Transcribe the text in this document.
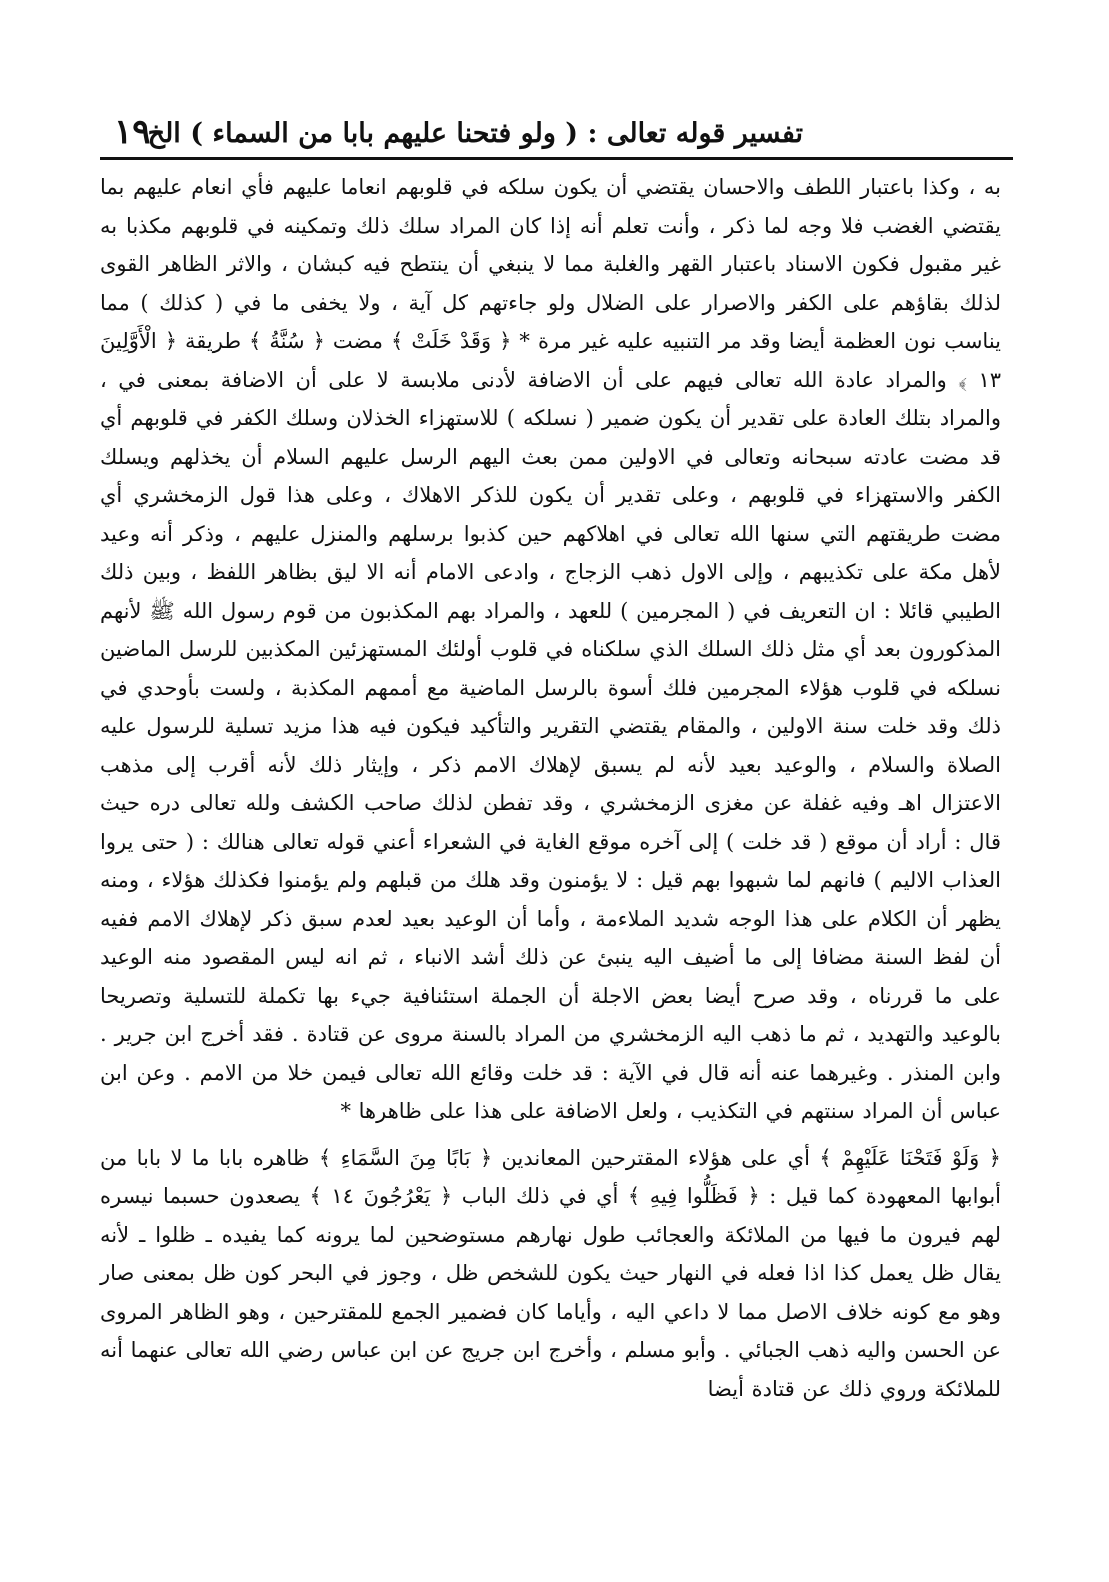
تفسير قوله تعالى : ( ولو فتحنا عليهم بابا من السماء ) الخ
١٩

به ، وكذا باعتبار اللطف والاحسان يقتضي أن يكون سلكه في قلوبهم انعاما عليهم فأي انعام عليهم بما يقتضي الغضب فلا وجه لما ذكر ، وأنت تعلم أنه إذا كان المراد سلك ذلك وتمكينه في قلوبهم مكذبا به غير مقبول فكون الاسناد باعتبار القهر والغلبة مما لا ينبغي أن ينتطح فيه كبشان ، والاثر الظاهر القوى لذلك بقاؤهم على الكفر والاصرار على الضلال ولو جاءتهم كل آية ، ولا يخفى ما في ( كذلك ) مما يناسب نون العظمة أيضا وقد مر التنبيه عليه غير مرة * ﴿ وَقَدْ خَلَتْ ﴾ مضت ﴿ سُنَّةُ ﴾ طريقة ﴿ الْأَوَّلِينَ ١٣ ﴾ والمراد عادة الله تعالى فيهم على أن الاضافة لأدنى ملابسة لا على أن الاضافة بمعنى في ، والمراد بتلك العادة على تقدير أن يكون ضمير ( نسلكه ) للاستهزاء الخذلان وسلك الكفر في قلوبهم أي قد مضت عادته سبحانه وتعالى في الاولين ممن بعث اليهم الرسل عليهم السلام أن يخذلهم ويسلك الكفر والاستهزاء في قلوبهم ، وعلى تقدير أن يكون للذكر الاهلاك ، وعلى هذا قول الزمخشري أي مضت طريقتهم التي سنها الله تعالى في اهلاكهم حين كذبوا برسلهم والمنزل عليهم ، وذكر أنه وعيد لأهل مكة على تكذيبهم ، وإلى الاول ذهب الزجاج ، وادعى الامام أنه الا ليق بظاهر اللفظ ، وبين ذلك الطيبي قائلا : ان التعريف في ( المجرمين ) للعهد ، والمراد بهم المكذبون من قوم رسول الله ﷺ لأنهم المذكورون بعد أي مثل ذلك السلك الذي سلكناه في قلوب أولئك المستهزئين المكذبين للرسل الماضين نسلكه في قلوب هؤلاء المجرمين فلك أسوة بالرسل الماضية مع أممهم المكذبة ، ولست بأوحدي في ذلك وقد خلت سنة الاولين ، والمقام يقتضي التقرير والتأكيد فيكون فيه هذا مزيد تسلية للرسول عليه الصلاة والسلام ، والوعيد بعيد لأنه لم يسبق لإهلاك الامم ذكر ، وإيثار ذلك لأنه أقرب إلى مذهب الاعتزال اهـ وفيه غفلة عن مغزى الزمخشري ، وقد تفطن لذلك صاحب الكشف ولله تعالى دره حيث قال : أراد أن موقع ( قد خلت ) إلى آخره موقع الغاية في الشعراء أعني قوله تعالى هنالك : ( حتى يروا العذاب الاليم ) فانهم لما شبهوا بهم قيل : لا يؤمنون وقد هلك من قبلهم ولم يؤمنوا فكذلك هؤلاء ، ومنه يظهر أن الكلام على هذا الوجه شديد الملاءمة ، وأما أن الوعيد بعيد لعدم سبق ذكر لإهلاك الامم ففيه أن لفظ السنة مضافا إلى ما أضيف اليه ينبئ عن ذلك أشد الانباء ، ثم انه ليس المقصود منه الوعيد على ما قررناه ، وقد صرح أيضا بعض الاجلة أن الجملة استئنافية جيء بها تكملة للتسلية وتصريحا بالوعيد والتهديد ، ثم ما ذهب اليه الزمخشري من المراد بالسنة مروى عن قتادة . فقد أخرج ابن جرير . وابن المنذر . وغيرهما عنه أنه قال في الآية : قد خلت وقائع الله تعالى فيمن خلا من الامم . وعن ابن عباس أن المراد سنتهم في التكذيب ، ولعل الاضافة على هذا على ظاهرها *

﴿ وَلَوْ فَتَحْنَا عَلَيْهِمْ ﴾ أي على هؤلاء المقترحين المعاندين ﴿ بَابًا مِنَ السَّمَاءِ ﴾ ظاهره بابا ما لا بابا من أبوابها المعهودة كما قيل : ﴿ فَظَلُّوا فِيهِ ﴾ أي في ذلك الباب ﴿ يَعْرُجُونَ ١٤ ﴾ يصعدون حسبما نيسره لهم فيرون ما فيها من الملائكة والعجائب طول نهارهم مستوضحين لما يرونه كما يفيده ـ ظلوا ـ لأنه يقال ظل يعمل كذا اذا فعله في النهار حيث يكون للشخص ظل ، وجوز في البحر كون ظل بمعنى صار وهو مع كونه خلاف الاصل مما لا داعي اليه ، وأياما كان فضمير الجمع للمقترحين ، وهو الظاهر المروى عن الحسن واليه ذهب الجبائي . وأبو مسلم ، وأخرج ابن جريج عن ابن عباس رضي الله تعالى عنهما أنه للملائكة وروي ذلك عن قتادة أيضا
